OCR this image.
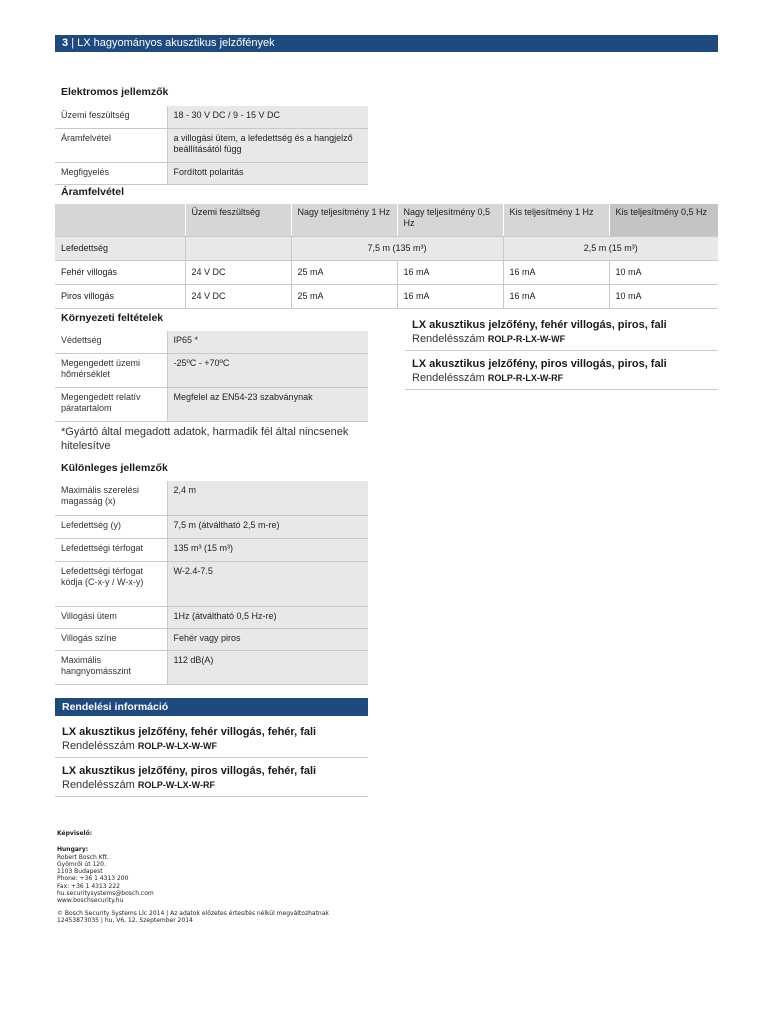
3 | LX hagyományos akusztikus jelzőfények
Elektromos jellemzők
Üzemi feszültség	18 - 30 V DC / 9 - 15 V DC
Áramfelvétel	a villogási ütem, a lefedettség és a hangjelző beállításától függ
Megfigyelés	Fordított polaritás
Áramfelvétel
	Üzemi feszültség	Nagy teljesítmény 1 Hz	Nagy teljesítmény 0,5 Hz	Kis teljesítmény 1 Hz	Kis teljesítmény 0,5 Hz
Lefedettség		7,5 m (135 m³)		2,5 m (15 m³)	
Fehér villogás	24 V DC	25 mA	16 mA	16 mA	10 mA
Piros villogás	24 V DC	25 mA	16 mA	16 mA	10 mA
Környezeti feltételek
Védettség	IP65 *
Megengedett üzemi hőmérséklet	-25ºC - +70ºC
Megengedett relatív páratartalom	Megfelel az EN54-23 szabványnak
*Gyártó által megadott adatok, harmadik fél által nincsenek hitelesítve
Különleges jellemzők
Maximális szerelési magasság (x)	2,4 m
Lefedettség (y)	7,5 m (átváltható 2,5 m-re)
Lefedettségi térfogat	135 m³ (15 m³)
Lefedettségi térfogat kódja (C-x-y / W-x-y)	W-2.4-7.5
Villogási ütem	1Hz (átváltható 0,5 Hz-re)
Villogás színe	Fehér vagy piros
Maximális hangnyomásszint	112 dB(A)
Rendelési információ
LX akusztikus jelzőfény, fehér villogás, fehér, fali
Rendelésszám ROLP-W-LX-W-WF
LX akusztikus jelzőfény, piros villogás, fehér, fali
Rendelésszám ROLP-W-LX-W-RF
LX akusztikus jelzőfény, fehér villogás, piros, fali
Rendelésszám ROLP-R-LX-W-WF
LX akusztikus jelzőfény, piros villogás, piros, fali
Rendelésszám ROLP-R-LX-W-RF
Képviselő:
Hungary:
Robert Bosch Kft.
Gyömrői út 120.
1103 Budapest
Phone: +36 1 4313 200
Fax: +36 1 4313 222
hu.securitysystems@bosch.com
www.boschsecurity.hu
© Bosch Security Systems Llc 2014 | Az adatok előzetes értesítés nélkül megváltozhatnak
12453873035 | hu, V6, 12. Szeptember 2014
